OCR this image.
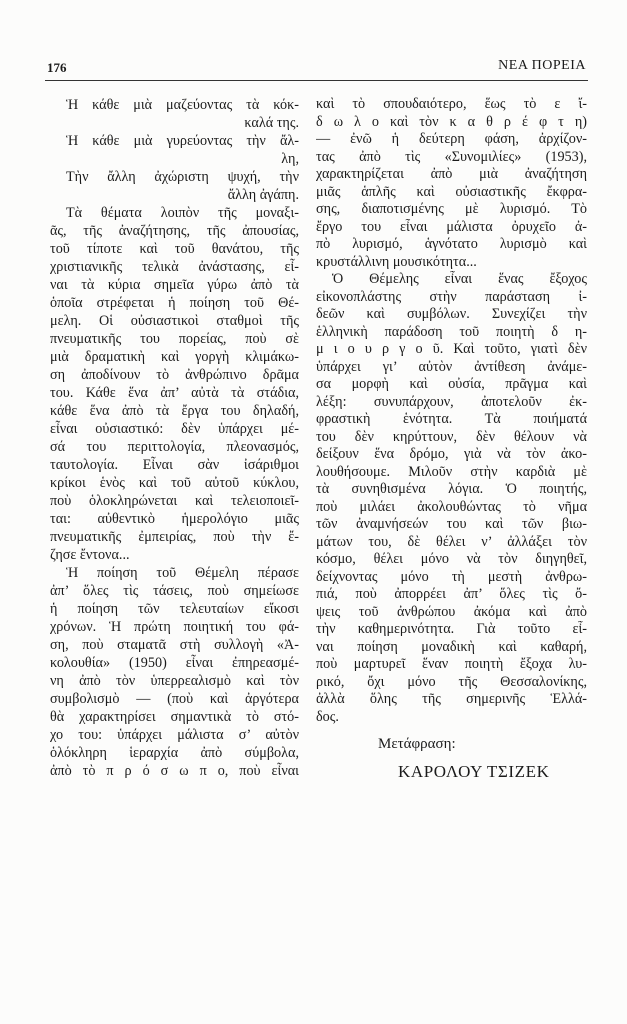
176	ΝΕΑ ΠΟΡΕΙΑ
Ἡ κάθε μιὰ μαζεύοντας τὰ κόκ-
καλά της.
Ἡ κάθε μιὰ γυρεύοντας τὴν ἄλ-
λη,
Τὴν ἄλλη ἀχώριστη ψυχή, τὴν
ἄλλη ἀγάπη.
Τὰ θέματα λοιπὸν τῆς μοναξι-
ᾶς, τῆς ἀναζήτησης, τῆς ἀπουσίας,
τοῦ τίποτε καὶ τοῦ θανάτου, τῆς
χριστιανικῆς τελικὰ ἀνάστασης, εἶ-
ναι τὰ κύρια σημεῖα γύρω ἀπὸ τὰ
ὁποῖα στρέφεται ἡ ποίηση τοῦ Θέ-
μελη. Οἱ οὐσιαστικοὶ σταθμοὶ τῆς
πνευματικῆς του πορείας, ποὺ σὲ
μιὰ δραματικὴ καὶ γοργὴ κλιμάκω-
ση ἀποδίνουν τὸ ἀνθρώπινο δρᾶμα
του. Κάθε ἕνα ἀπ’ αὐτὰ τὰ στάδια,
κάθε ἕνα ἀπὸ τὰ ἔργα του δηλαδή,
εἶναι οὐσιαστικό: δὲν ὑπάρχει μέ-
σά του περιττολογία, πλεονασμός,
ταυτολογία. Εἶναι σὰν ἰσάριθμοι
κρίκοι ἑνὸς καὶ τοῦ αὐτοῦ κύκλου,
ποὺ ὁλοκληρώνεται καὶ τελειοποιεῖ-
ται: αὐθεντικὸ ἡμερολόγιο μιᾶς
πνευματικῆς ἐμπειρίας, ποὺ τὴν ἔ-
ζησε ἔντονα...
Ἡ ποίηση τοῦ Θέμελη πέρασε
ἀπ’ ὅλες τὶς τάσεις, ποὺ σημείωσε
ἡ ποίηση τῶν τελευταίων εἴκοσι
χρόνων. Ἡ πρώτη ποιητική του φά-
ση, ποὺ σταματᾶ στὴ συλλογὴ «Ἀ-
κολουθία» (1950) εἶναι ἐπηρεασμέ-
νη ἀπὸ τὸν ὑπερρεαλισμὸ καὶ τὸν
συμβολισμὸ — (ποὺ καὶ ἀργότερα
θὰ χαρακτηρίσει σημαντικὰ τὸ στό-
χο του: ὑπάρχει μάλιστα σ’ αὐτὸν
ὁλόκληρη ἱεραρχία ἀπὸ σύμβολα,
ἀπὸ τὸ π ρ ό σ ω π ο, ποὺ εἶναι
καὶ τὸ σπουδαιότερο, ἕως τὸ ε ἴ-
δ ω λ ο καὶ τὸν κ α θ ρ έ φ τ η)
— ἐνῶ ἡ δεύτερη φάση, ἀρχίζον-
τας ἀπὸ τὶς «Συνομιλίες» (1953),
χαρακτηρίζεται ἀπὸ μιὰ ἀναζήτηση
μιᾶς ἁπλῆς καὶ οὐσιαστικῆς ἔκφρα-
σης, διαποτισμένης μὲ λυρισμό. Τὸ
ἔργο του εἶναι μάλιστα ὀρυχεῖο ἀ-
πὸ λυρισμό, ἁγνότατο λυρισμὸ καὶ
κρυστάλλινη μουσικότητα...
Ὁ Θέμελης εἶναι ἕνας ἔξοχος
εἰκονοπλάστης στὴν παράσταση ἰ-
δεῶν καὶ συμβόλων. Συνεχίζει τὴν
ἑλληνικὴ παράδοση τοῦ ποιητὴ δ η-
μ ι ο υ ρ γ ο ῦ. Καὶ τοῦτο, γιατὶ δὲν
ὑπάρχει γι’ αὐτὸν ἀντίθεση ἀνάμε-
σα μορφὴ καὶ οὐσία, πρᾶγμα καὶ
λέξη: συνυπάρχουν, ἀποτελοῦν ἐκ-
φραστικὴ ἑνότητα. Τὰ ποιήματά
του δὲν κηρύττουν, δὲν θέλουν νὰ
δείξουν ἕνα δρόμο, γιὰ νὰ τὸν ἀκο-
λουθήσουμε. Μιλοῦν στὴν καρδιὰ μὲ
τὰ συνηθισμένα λόγια. Ὁ ποιητής,
ποὺ μιλάει ἀκολουθώντας τὸ νῆμα
τῶν ἀναμνήσεών του καὶ τῶν βιω-
μάτων του, δὲ θέλει ν’ ἀλλάξει τὸν
κόσμο, θέλει μόνο νὰ τὸν διηγηθεῖ,
δείχνοντας μόνο τὴ μεστὴ ἀνθρω-
πιά, ποὺ ἀπορρέει ἀπ’ ὅλες τὶς ὄ-
ψεις τοῦ ἀνθρώπου ἀκόμα καὶ ἀπὸ
τὴν καθημερινότητα. Γιὰ τοῦτο εἶ-
ναι ποίηση μοναδικὴ καὶ καθαρή,
ποὺ μαρτυρεῖ ἕναν ποιητὴ ἔξοχα λυ-
ρικό, ὄχι μόνο τῆς Θεσσαλονίκης,
ἀλλὰ ὅλης τῆς σημερινῆς Ἑλλά-
δος.
Μετάφραση:
ΚΑΡΟΛΟΥ ΤΣΙΖΕΚ
